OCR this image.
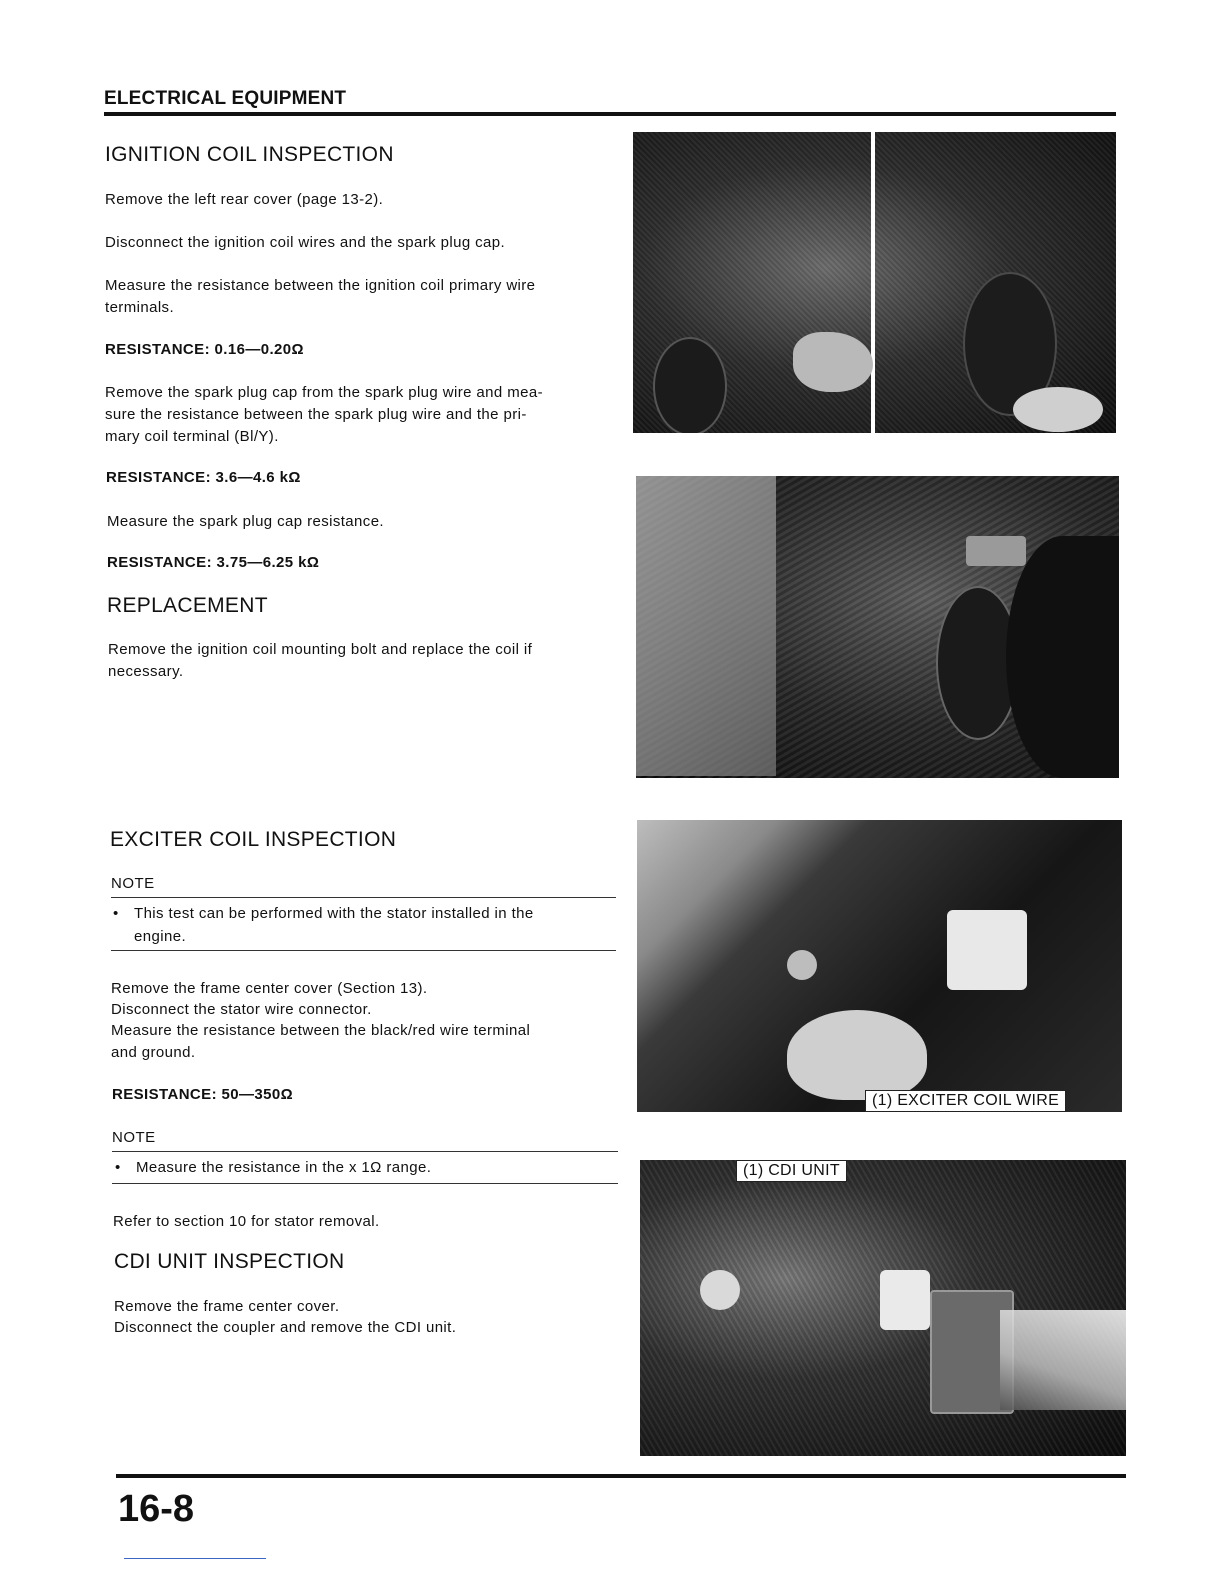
ELECTRICAL EQUIPMENT
IGNITION COIL INSPECTION
Remove the left rear cover (page 13-2).
Disconnect the ignition coil wires and the spark plug cap.
Measure the resistance between the ignition coil primary wire
terminals.
RESISTANCE: 0.16—0.20Ω
Remove the spark plug cap from the spark plug wire and mea-
sure the resistance between the spark plug wire and the pri-
mary coil terminal (Bl/Y).
RESISTANCE: 3.6—4.6 kΩ
Measure the spark plug cap resistance.
RESISTANCE: 3.75—6.25 kΩ
REPLACEMENT
Remove the ignition coil mounting bolt and replace the coil if
necessary.
EXCITER COIL INSPECTION
NOTE
• This test can be performed with the stator installed in the
engine.
Remove the frame center cover (Section 13).
Disconnect the stator wire connector.
Measure the resistance between the black/red wire terminal
and ground.
RESISTANCE: 50—350Ω
NOTE
• Measure the resistance in the x 1Ω range.
Refer to section 10 for stator removal.
CDI UNIT INSPECTION
Remove the frame center cover.
Disconnect the coupler and remove the CDI unit.
(1) EXCITER COIL WIRE
(1) CDI UNIT
16-8
